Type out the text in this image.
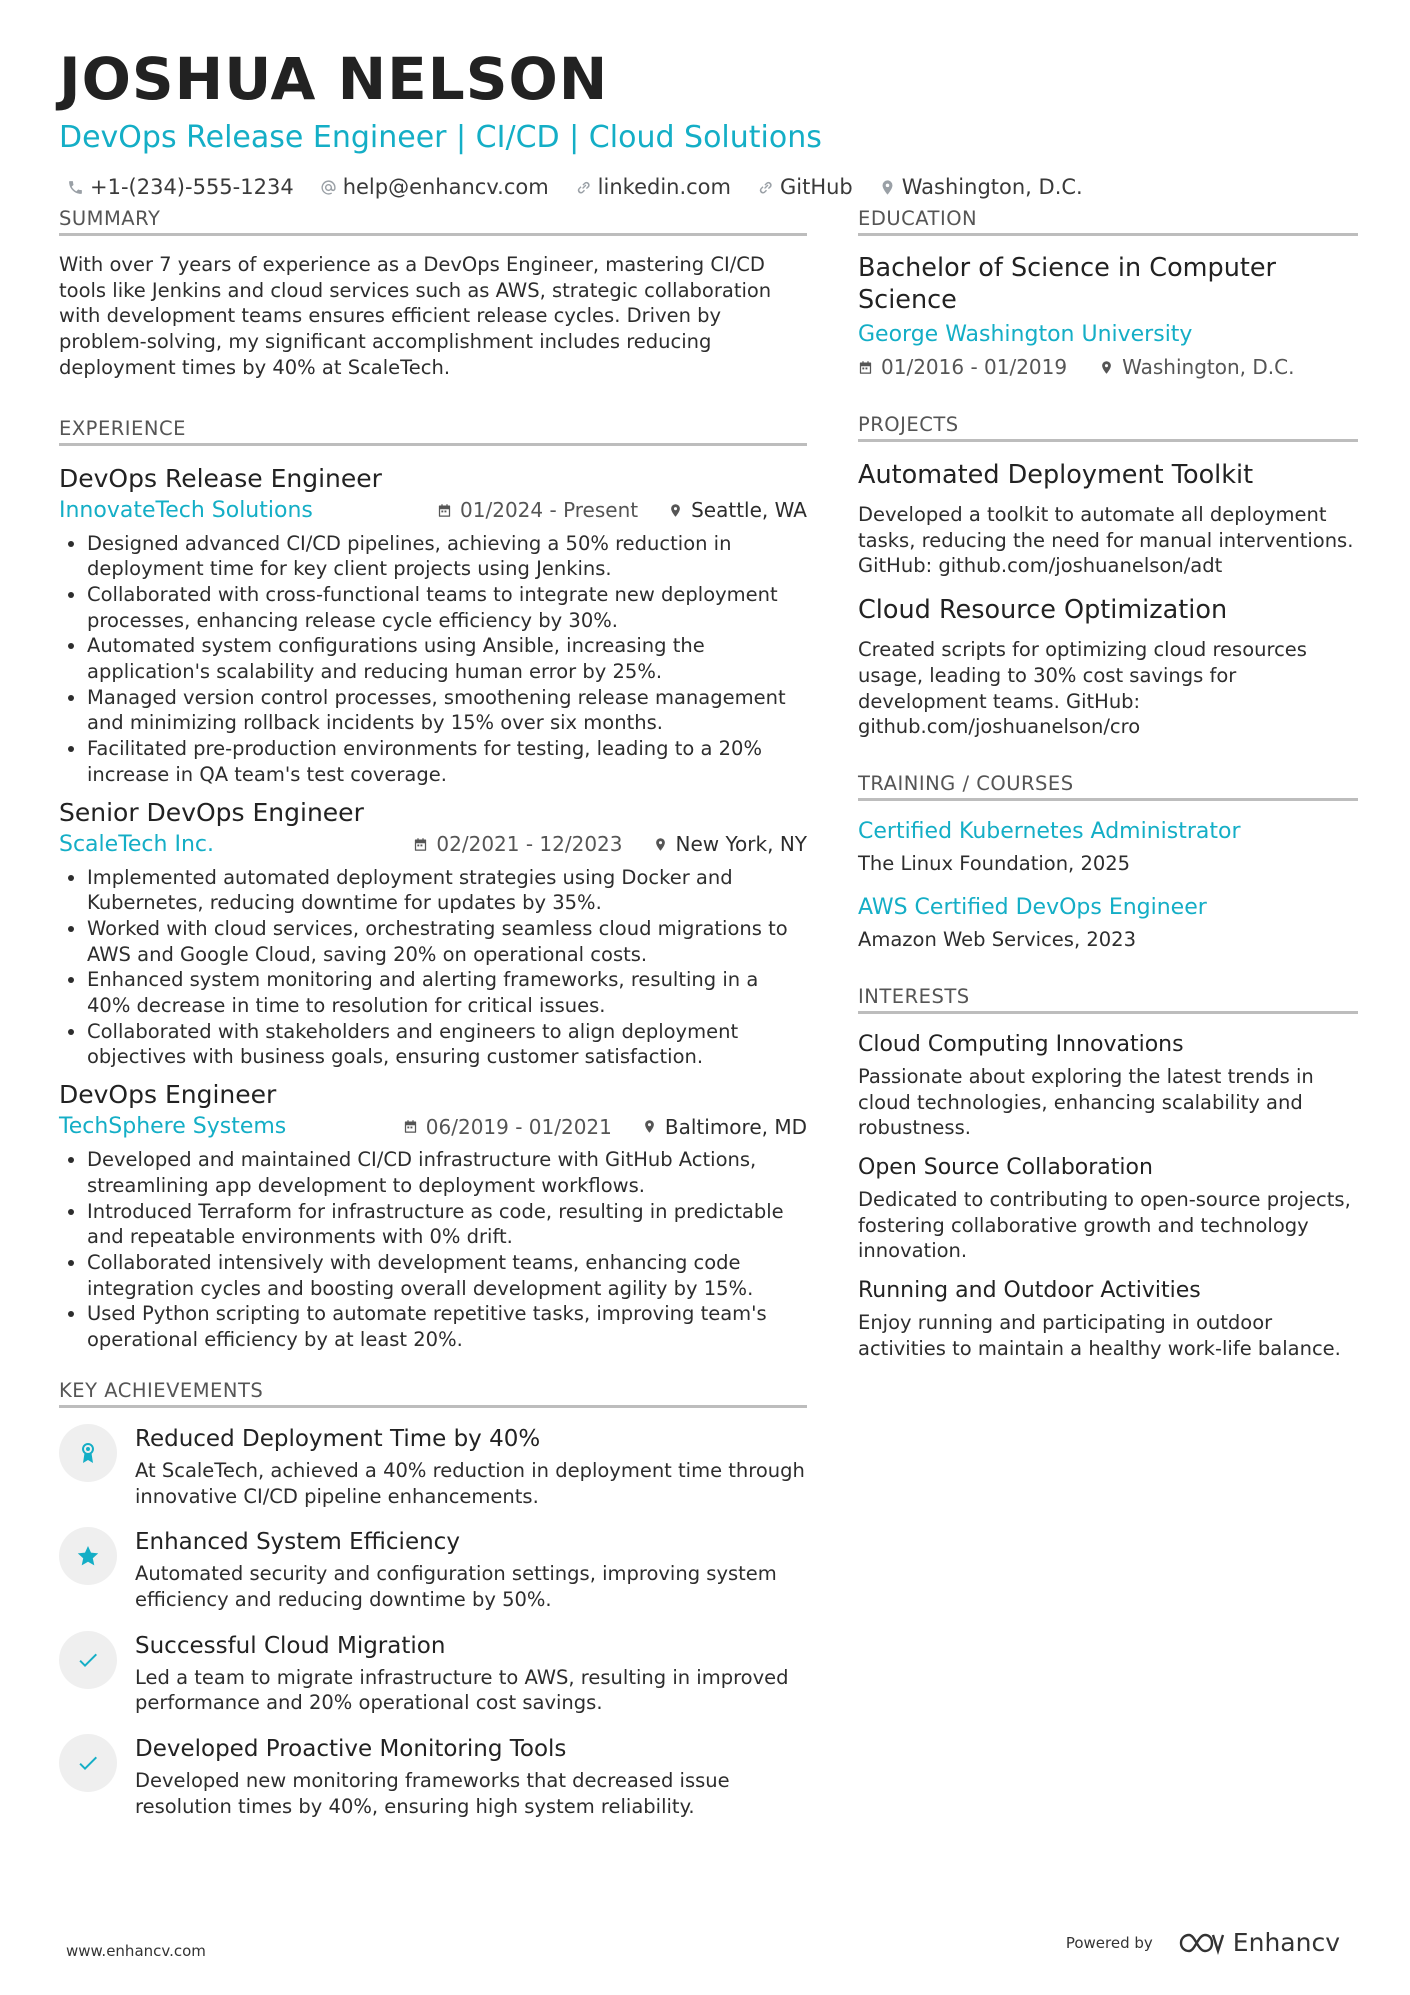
JOSHUA NELSON
DevOps Release Engineer | CI/CD | Cloud Solutions
+1-(234)-555-1234 help@enhancv.com linkedin.com GitHub Washington, D.C.
SUMMARY
With over 7 years of experience as a DevOps Engineer, mastering CI/CD tools like Jenkins and cloud services such as AWS, strategic collaboration with development teams ensures efficient release cycles. Driven by problem-solving, my significant accomplishment includes reducing deployment times by 40% at ScaleTech.
EXPERIENCE
DevOps Release Engineer
InnovateTech Solutions	01/2024 - Present	Seattle, WA
• Designed advanced CI/CD pipelines, achieving a 50% reduction in deployment time for key client projects using Jenkins.
• Collaborated with cross-functional teams to integrate new deployment processes, enhancing release cycle efficiency by 30%.
• Automated system configurations using Ansible, increasing the application's scalability and reducing human error by 25%.
• Managed version control processes, smoothening release management and minimizing rollback incidents by 15% over six months.
• Facilitated pre-production environments for testing, leading to a 20% increase in QA team's test coverage.
Senior DevOps Engineer
ScaleTech Inc.	02/2021 - 12/2023	New York, NY
• Implemented automated deployment strategies using Docker and Kubernetes, reducing downtime for updates by 35%.
• Worked with cloud services, orchestrating seamless cloud migrations to AWS and Google Cloud, saving 20% on operational costs.
• Enhanced system monitoring and alerting frameworks, resulting in a 40% decrease in time to resolution for critical issues.
• Collaborated with stakeholders and engineers to align deployment objectives with business goals, ensuring customer satisfaction.
DevOps Engineer
TechSphere Systems	06/2019 - 01/2021	Baltimore, MD
• Developed and maintained CI/CD infrastructure with GitHub Actions, streamlining app development to deployment workflows.
• Introduced Terraform for infrastructure as code, resulting in predictable and repeatable environments with 0% drift.
• Collaborated intensively with development teams, enhancing code integration cycles and boosting overall development agility by 15%.
• Used Python scripting to automate repetitive tasks, improving team's operational efficiency by at least 20%.
KEY ACHIEVEMENTS
Reduced Deployment Time by 40%
At ScaleTech, achieved a 40% reduction in deployment time through innovative CI/CD pipeline enhancements.
Enhanced System Efficiency
Automated security and configuration settings, improving system efficiency and reducing downtime by 50%.
Successful Cloud Migration
Led a team to migrate infrastructure to AWS, resulting in improved performance and 20% operational cost savings.
Developed Proactive Monitoring Tools
Developed new monitoring frameworks that decreased issue resolution times by 40%, ensuring high system reliability.
EDUCATION
Bachelor of Science in Computer Science
George Washington University
01/2016 - 01/2019	Washington, D.C.
PROJECTS
Automated Deployment Toolkit
Developed a toolkit to automate all deployment tasks, reducing the need for manual interventions. GitHub: github.com/joshuanelson/adt
Cloud Resource Optimization
Created scripts for optimizing cloud resources usage, leading to 30% cost savings for development teams. GitHub: github.com/joshuanelson/cro
TRAINING / COURSES
Certified Kubernetes Administrator
The Linux Foundation, 2025
AWS Certified DevOps Engineer
Amazon Web Services, 2023
INTERESTS
Cloud Computing Innovations
Passionate about exploring the latest trends in cloud technologies, enhancing scalability and robustness.
Open Source Collaboration
Dedicated to contributing to open-source projects, fostering collaborative growth and technology innovation.
Running and Outdoor Activities
Enjoy running and participating in outdoor activities to maintain a healthy work-life balance.
www.enhancv.com	Powered by	Enhancv
